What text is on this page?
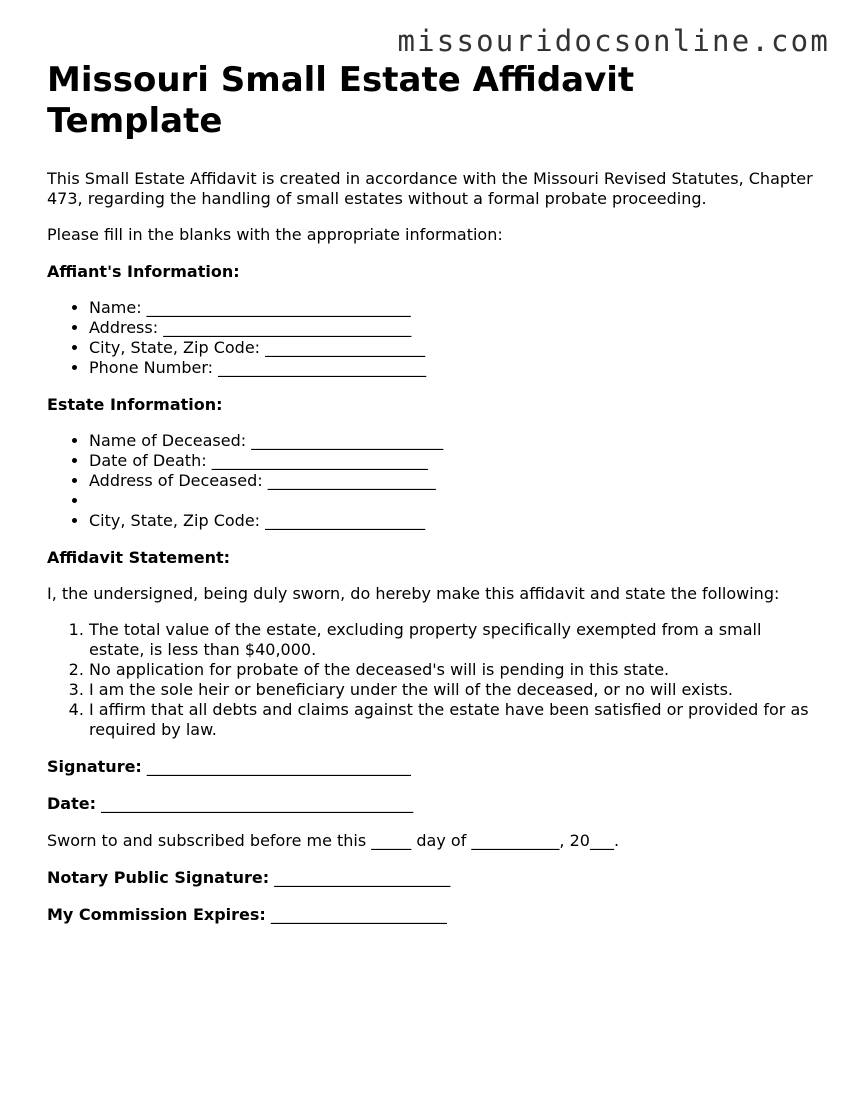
missouridocsonline.com
Missouri Small Estate Affidavit Template

This Small Estate Affidavit is created in accordance with the Missouri Revised Statutes, Chapter 473, regarding the handling of small estates without a formal probate proceeding.

Please fill in the blanks with the appropriate information:

Affiant's Information:

• Name: _________________________________
• Address: _______________________________
• City, State, Zip Code: ____________________
• Phone Number: __________________________

Estate Information:

• Name of Deceased: ________________________
• Date of Death: ___________________________
• Address of Deceased: _____________________
•
• City, State, Zip Code: ____________________

Affidavit Statement:

I, the undersigned, being duly sworn, do hereby make this affidavit and state the following:

1. The total value of the estate, excluding property specifically exempted from a small estate, is less than $40,000.
2. No application for probate of the deceased's will is pending in this state.
3. I am the sole heir or beneficiary under the will of the deceased, or no will exists.
4. I affirm that all debts and claims against the estate have been satisfied or provided for as required by law.

Signature: _________________________________

Date: _______________________________________

Sworn to and subscribed before me this _____ day of ___________, 20___.

Notary Public Signature: ______________________

My Commission Expires: ______________________
